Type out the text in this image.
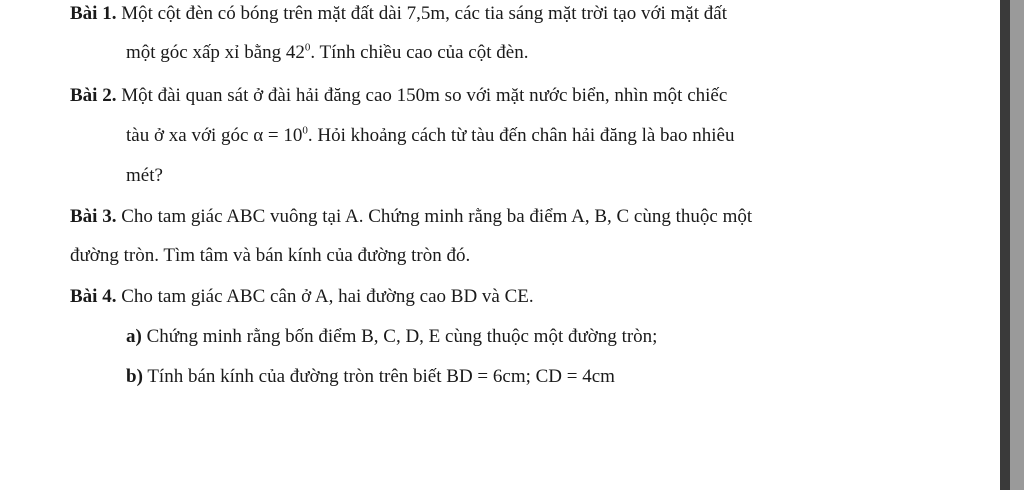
Bài 1. Một cột đèn có bóng trên mặt đất dài 7,5m, các tia sáng mặt trời tạo với mặt đất
một góc xấp xỉ bằng $42^0$. Tính chiều cao của cột đèn.
Bài 2. Một đài quan sát ở đài hải đăng cao 150m so với mặt nước biển, nhìn một chiếc
tàu ở xa với góc $\alpha = 10^0$. Hỏi khoảng cách từ tàu đến chân hải đăng là bao nhiêu
mét?
Bài 3. Cho tam giác ABC vuông tại A. Chứng minh rằng ba điểm A, B, C cùng thuộc một
đường tròn. Tìm tâm và bán kính của đường tròn đó.
Bài 4. Cho tam giác ABC cân ở A, hai đường cao BD và CE.
a) Chứng minh rằng bốn điểm B, C, D, E cùng thuộc một đường tròn;
b) Tính bán kính của đường tròn trên biết BD = 6cm; CD = 4cm
